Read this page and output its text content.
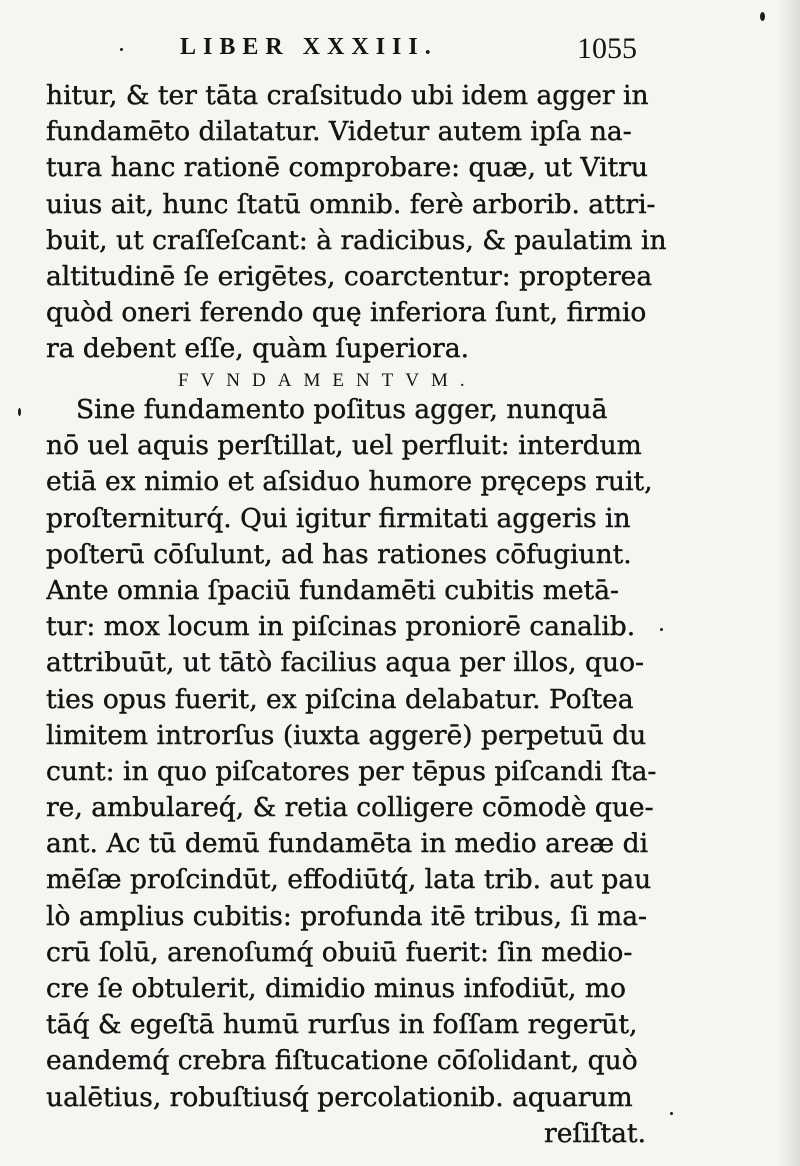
LIBER XXXIII.	1055
hitur, & ter tāta craſsitudo ubi idem agger in
fundamēto dilatatur. Videtur autem ipſa na-
tura hanc rationē comprobare: quæ, ut Vitru
uius ait, hunc ſtatū omnib. ferè arborib. attri-
buit, ut craſſeſcant: à radicibus, & paulatim in
altitudinē ſe erigētes, coarctentur: propterea
quòd oneri ferendo quę inferiora ſunt, firmio
ra debent eſſe, quàm ſuperiora.
FVNDAMENTVM.
Sine fundamento poſitus agger, nunquā
nō uel aquis perſtillat, uel perfluit: interdum
etiā ex nimio et aſsiduo humore pręceps ruit,
proſterniturq́. Qui igitur firmitati aggeris in
poſterū cōſulunt, ad has rationes cōfugiunt.
Ante omnia ſpaciū fundamēti cubitis metā-
tur: mox locum in piſcinas proniorē canalib.
attribuūt, ut tātò facilius aqua per illos, quo-
ties opus fuerit, ex piſcina delabatur. Poſtea
limitem introrſus (iuxta aggerē) perpetuū du
cunt: in quo piſcatores per tēpus piſcandi ſta-
re, ambulareq́, & retia colligere cōmodè que-
ant. Ac tū demū fundamēta in medio areæ di
mēſæ proſcindūt, effodiūtq́, lata trib. aut pau
lò amplius cubitis: profunda itē tribus, ſi ma-
crū ſolū, arenoſumq́ obuiū fuerit: ſin medio-
cre ſe obtulerit, dimidio minus infodiūt, mo
tāq́ & egeſtā humū rurſus in foſſam regerūt,
eandemq́ crebra fiſtucatione cōſolidant, quò
ualētius, robuſtiusq́ percolationib. aquarum
reſiſtat.
